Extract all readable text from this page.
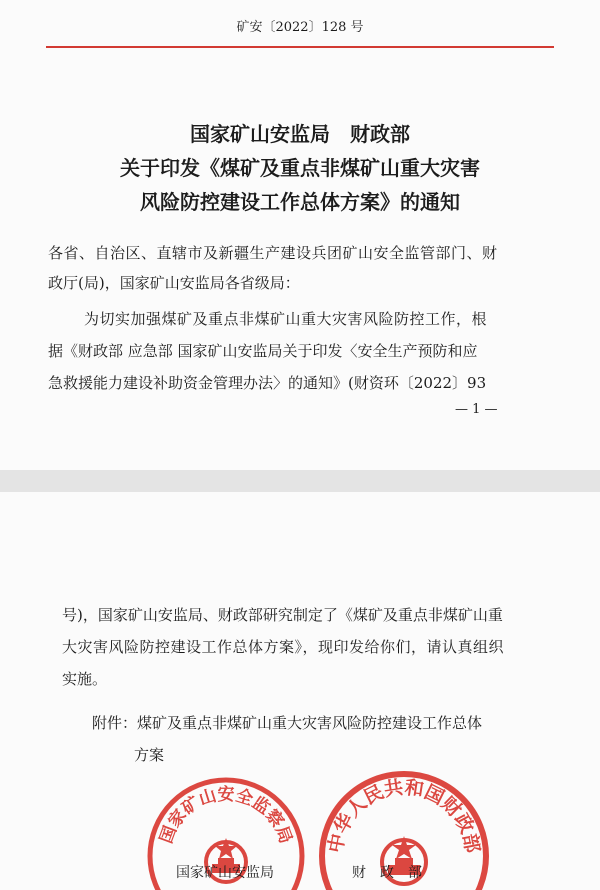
矿安〔2022〕128 号
国家矿山安监局　财政部
关于印发《煤矿及重点非煤矿山重大灾害
风险防控建设工作总体方案》的通知
各省、自治区、直辖市及新疆生产建设兵团矿山安全监管部门、财
政厅(局)，国家矿山安监局各省级局：
为切实加强煤矿及重点非煤矿山重大灾害风险防控工作，根
据《财政部 应急部 国家矿山安监局关于印发〈安全生产预防和应
急救援能力建设补助资金管理办法〉的通知》(财资环〔2022〕93
— 1 —
号)，国家矿山安监局、财政部研究制定了《煤矿及重点非煤矿山重
大灾害风险防控建设工作总体方案》，现印发给你们，请认真组织
实施。
附件：煤矿及重点非煤矿山重大灾害风险防控建设工作总体
方案
国家矿山安全监察局 中华人民共和国财政部
国家矿山安监局	财　政　部
